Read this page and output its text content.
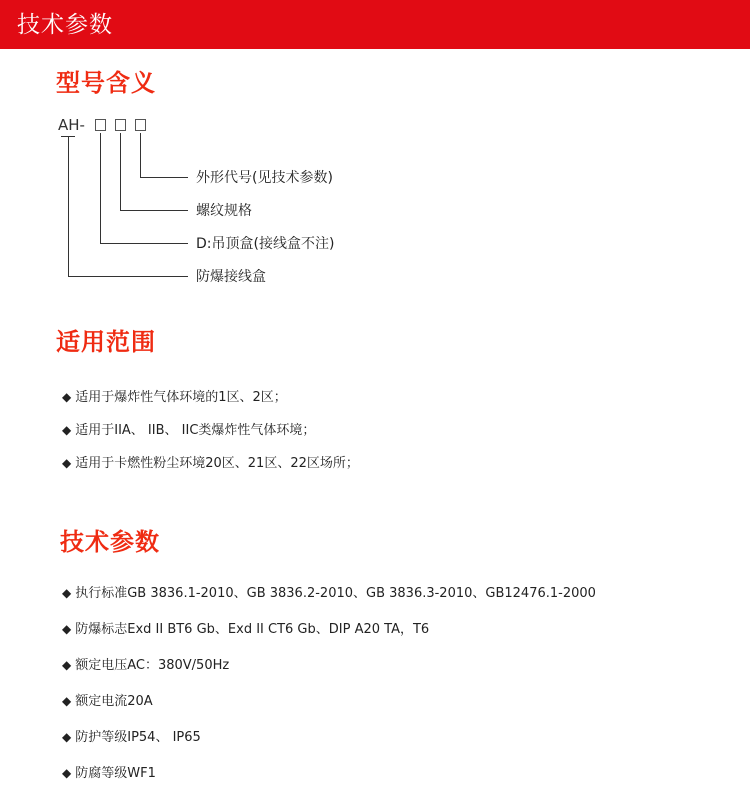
技术参数
型号含义
AH-
外形代号(见技术参数)
螺纹规格
D:吊顶盒(接线盒不注)
防爆接线盒
适用范围
◆ 适用于爆炸性气体环境的1区、2区；
◆ 适用于IIA、 IIB、 IIC类爆炸性气体环境；
◆ 适用于卡燃性粉尘环境20区、21区、22区场所；
技术参数
◆ 执行标准GB 3836.1-2010、GB 3836.2-2010、GB 3836.3-2010、GB12476.1-2000
◆ 防爆标志Exd II BT6 Gb、Exd II CT6 Gb、DIP A20 TA，T6
◆ 额定电压AC：380V/50Hz
◆ 额定电流20A
◆ 防护等级IP54、 IP65
◆ 防腐等级WF1
